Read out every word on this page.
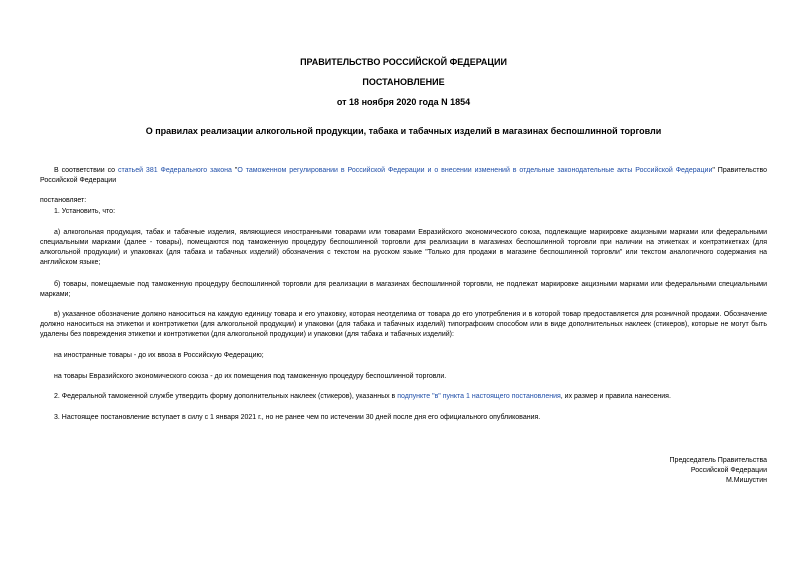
ПРАВИТЕЛЬСТВО РОССИЙСКОЙ ФЕДЕРАЦИИ
ПОСТАНОВЛЕНИЕ
от 18 ноября 2020 года N 1854
О правилах реализации алкогольной продукции, табака и табачных изделий в магазинах беспошлинной торговли

В соответствии со статьей 381 Федерального закона "О таможенном регулировании в Российской Федерации и о внесении изменений в отдельные законодательные акты Российской Федерации" Правительство Российской Федерации

постановляет:

1. Установить, что:

а) алкогольная продукция, табак и табачные изделия, являющиеся иностранными товарами или товарами Евразийского экономического союза, подлежащие маркировке акцизными марками или федеральными специальными марками (далее - товары), помещаются под таможенную процедуру беспошлинной торговли для реализации в магазинах беспошлинной торговли при наличии на этикетках и контрэтикетках (для алкогольной продукции) и упаковках (для табака и табачных изделий) обозначения с текстом на русском языке "Только для продажи в магазине беспошлинной торговли" или текстом аналогичного содержания на английском языке;

б) товары, помещаемые под таможенную процедуру беспошлинной торговли для реализации в магазинах беспошлинной торговли, не подлежат маркировке акцизными марками или федеральными специальными марками;

в) указанное обозначение должно наноситься на каждую единицу товара и его упаковку, которая неотделима от товара до его употребления и в которой товар предоставляется для розничной продажи. Обозначение должно наноситься на этикетки и контрэтикетки (для алкогольной продукции) и упаковки (для табака и табачных изделий) типографским способом или в виде дополнительных наклеек (стикеров), которые не могут быть удалены без повреждения этикетки и контрэтикетки (для алкогольной продукции) и упаковки (для табака и табачных изделий):

на иностранные товары - до их ввоза в Российскую Федерацию;

на товары Евразийского экономического союза - до их помещения под таможенную процедуру беспошлинной торговли.

2. Федеральной таможенной службе утвердить форму дополнительных наклеек (стикеров), указанных в подпункте "в" пункта 1 настоящего постановления, их размер и правила нанесения.

3. Настоящее постановление вступает в силу с 1 января 2021 г., но не ранее чем по истечении 30 дней после дня его официального опубликования.

Председатель Правительства
Российской Федерации
М.Мишустин
